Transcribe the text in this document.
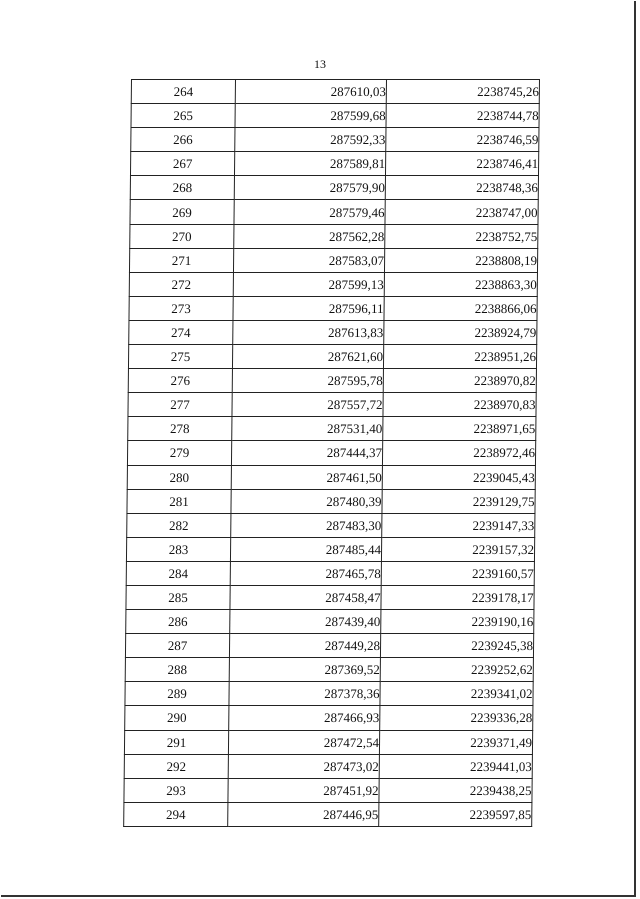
13
264	287610,03	2238745,26
265	287599,68	2238744,78
266	287592,33	2238746,59
267	287589,81	2238746,41
268	287579,90	2238748,36
269	287579,46	2238747,00
270	287562,28	2238752,75
271	287583,07	2238808,19
272	287599,13	2238863,30
273	287596,11	2238866,06
274	287613,83	2238924,79
275	287621,60	2238951,26
276	287595,78	2238970,82
277	287557,72	2238970,83
278	287531,40	2238971,65
279	287444,37	2238972,46
280	287461,50	2239045,43
281	287480,39	2239129,75
282	287483,30	2239147,33
283	287485,44	2239157,32
284	287465,78	2239160,57
285	287458,47	2239178,17
286	287439,40	2239190,16
287	287449,28	2239245,38
288	287369,52	2239252,62
289	287378,36	2239341,02
290	287466,93	2239336,28
291	287472,54	2239371,49
292	287473,02	2239441,03
293	287451,92	2239438,25
294	287446,95	2239597,85
